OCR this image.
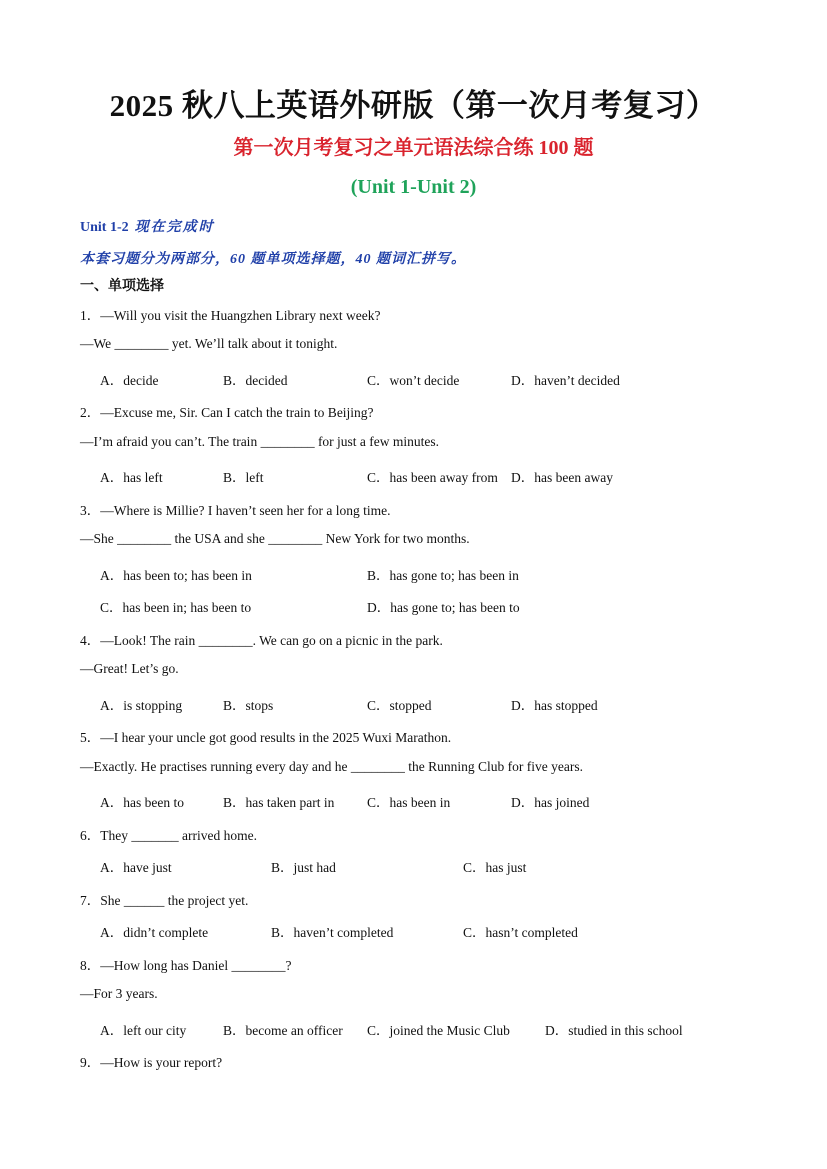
2025 秋八上英语外研版（第一次月考复习）
第一次月考复习之单元语法综合练 100 题
(Unit 1-Unit 2)
Unit 1-2 现在完成时
本套习题分为两部分，60 题单项选择题，40 题词汇拼写。
一、单项选择
1．—Will you visit the Huangzhen Library next week?
—We ________ yet. We’ll talk about it tonight.
A．decide	B．decided	C．won’t decide	D．haven’t decided
2．—Excuse me, Sir. Can I catch the train to Beijing?
—I’m afraid you can’t. The train ________ for just a few minutes.
A．has left	B．left	C．has been away from D．has been away
3．—Where is Millie? I haven’t seen her for a long time.
—She ________ the USA and she ________ New York for two months.
A．has been to; has been in	B．has gone to; has been in
C．has been in; has been to	D．has gone to; has been to
4．—Look! The rain ________. We can go on a picnic in the park.
—Great! Let’s go.
A．is stopping	B．stops	C．stopped	D．has stopped
5．—I hear your uncle got good results in the 2025 Wuxi Marathon.
—Exactly. He practises running every day and he ________ the Running Club for five years.
A．has been to	B．has taken part in C．has been in	D．has joined
6．They _______ arrived home.
A．have just	B．just had	C．has just
7．She ______ the project yet.
A．didn’t complete	B．haven’t completed	C．hasn’t completed
8．—How long has Daniel ________?
—For 3 years.
A．left our city	B．become an officer C．joined the Music Club	D．studied in this school
9．—How is your report?
